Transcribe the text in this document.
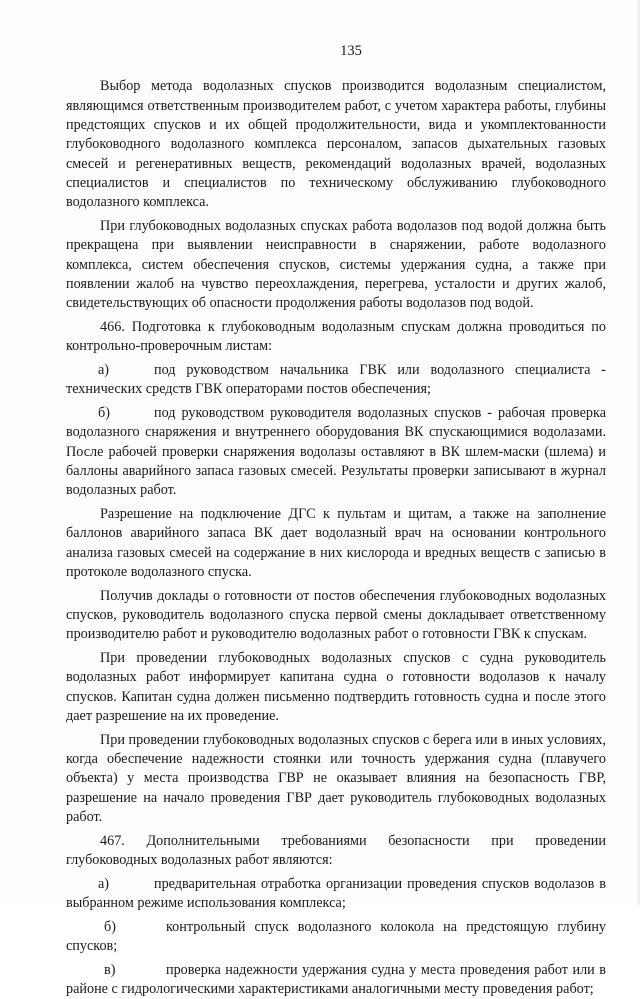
135

Выбор метода водолазных спусков производится водолазным специалистом, являющимся ответственным производителем работ, с учетом характера работы, глубины предстоящих спусков и их общей продолжительности, вида и укомплектованности глубоководного водолазного комплекса персоналом, запасов дыхательных газовых смесей и регенеративных веществ, рекомендаций водолазных врачей, водолазных специалистов и специалистов по техническому обслуживанию глубоководного водолазного комплекса.

При глубоководных водолазных спусках работа водолазов под водой должна быть прекращена при выявлении неисправности в снаряжении, работе водолазного комплекса, систем обеспечения спусков, системы удержания судна, а также при появлении жалоб на чувство переохлаждения, перегрева, усталости и других жалоб, свидетельствующих об опасности продолжения работы водолазов под водой.

466. Подготовка к глубоководным водолазным спускам должна проводиться по контрольно-проверочным листам:

а)	под руководством начальника ГВК или водолазного специалиста - технических средств ГВК операторами постов обеспечения;

б)	под руководством руководителя водолазных спусков - рабочая проверка водолазного снаряжения и внутреннего оборудования ВК спускающимися водолазами. После рабочей проверки снаряжения водолазы оставляют в ВК шлем-маски (шлема) и баллоны аварийного запаса газовых смесей. Результаты проверки записывают в журнал водолазных работ.

Разрешение на подключение ДГС к пультам и щитам, а также на заполнение баллонов аварийного запаса ВК дает водолазный врач на основании контрольного анализа газовых смесей на содержание в них кислорода и вредных веществ с записью в протоколе водолазного спуска.

Получив доклады о готовности от постов обеспечения глубоководных водолазных спусков, руководитель водолазного спуска первой смены докладывает ответственному производителю работ и руководителю водолазных работ о готовности ГВК к спускам.

При проведении глубоководных водолазных спусков с судна руководитель водолазных работ информирует капитана судна о готовности водолазов к началу спусков. Капитан судна должен письменно подтвердить готовность судна и после этого дает разрешение на их проведение.

При проведении глубоководных водолазных спусков с берега или в иных условиях, когда обеспечение надежности стоянки или точность удержания судна (плавучего объекта) у места производства ГВР не оказывает влияния на безопасность ГВР, разрешение на начало проведения ГВР дает руководитель глубоководных водолазных работ.

467. Дополнительными требованиями безопасности при проведении глубоководных водолазных работ являются:

а)	предварительная отработка организации проведения спусков водолазов в выбранном режиме использования комплекса;

б)	контрольный спуск водолазного колокола на предстоящую глубину спусков;

в)	проверка надежности удержания судна у места проведения работ или в районе с гидрологическими характеристиками аналогичными месту проведения работ;
